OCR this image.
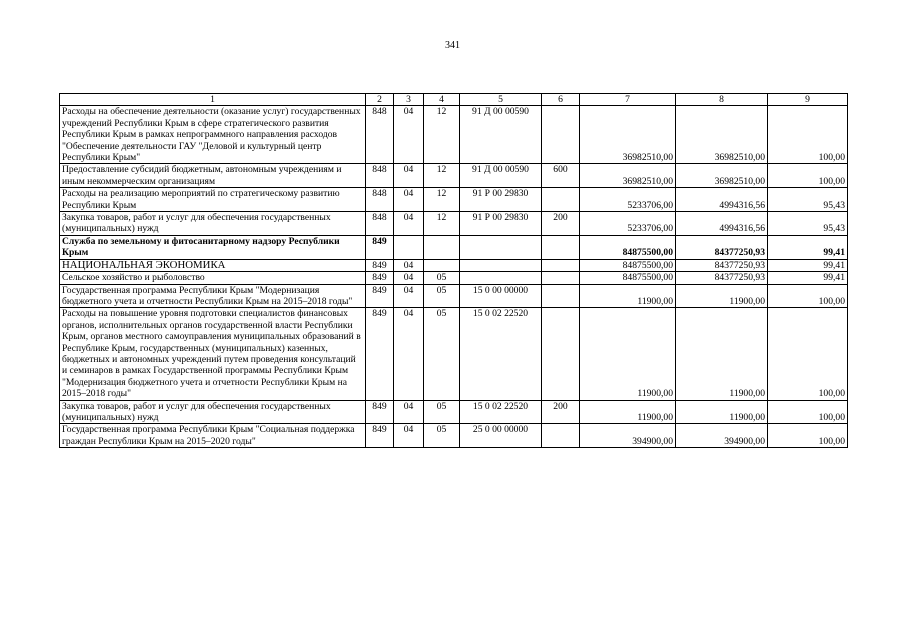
341
1	2	3	4	5	6	7	8	9
Расходы на обеспечение деятельности (оказание услуг) государственных учреждений Республики Крым в сфере стратегического развития Республики Крым в рамках непрограммного направления расходов "Обеспечение деятельности ГАУ "Деловой и культурный центр Республики Крым"	848	04	12	91 Д 00 00590		36982510,00	36982510,00	100,00
Предоставление субсидий бюджетным, автономным учреждениям и иным некоммерческим организациям	848	04	12	91 Д 00 00590	600	36982510,00	36982510,00	100,00
Расходы на реализацию мероприятий по стратегическому развитию Республики Крым	848	04	12	91 Р 00 29830		5233706,00	4994316,56	95,43
Закупка товаров, работ и услуг для обеспечения государственных (муниципальных) нужд	848	04	12	91 Р 00 29830	200	5233706,00	4994316,56	95,43
Служба по земельному и фитосанитарному надзору Республики Крым	849					84875500,00	84377250,93	99,41
НАЦИОНАЛЬНАЯ ЭКОНОМИКА	849	04				84875500,00	84377250,93	99,41
Сельское хозяйство и рыболовство	849	04	05			84875500,00	84377250,93	99,41
Государственная программа Республики Крым "Модернизация бюджетного учета и отчетности Республики Крым на 2015–2018 годы"	849	04	05	15 0 00 00000		11900,00	11900,00	100,00
Расходы на повышение уровня подготовки специалистов финансовых органов, исполнительных органов государственной власти Республики Крым, органов местного самоуправления муниципальных образований в Республике Крым, государственных (муниципальных) казенных, бюджетных и автономных учреждений путем проведения консультаций и семинаров в рамках Государственной программы Республики Крым "Модернизация бюджетного учета и отчетности Республики Крым на 2015–2018 годы"	849	04	05	15 0 02 22520		11900,00	11900,00	100,00
Закупка товаров, работ и услуг для обеспечения государственных (муниципальных) нужд	849	04	05	15 0 02 22520	200	11900,00	11900,00	100,00
Государственная программа Республики Крым "Социальная поддержка граждан Республики Крым на 2015–2020 годы"	849	04	05	25 0 00 00000		394900,00	394900,00	100,00
